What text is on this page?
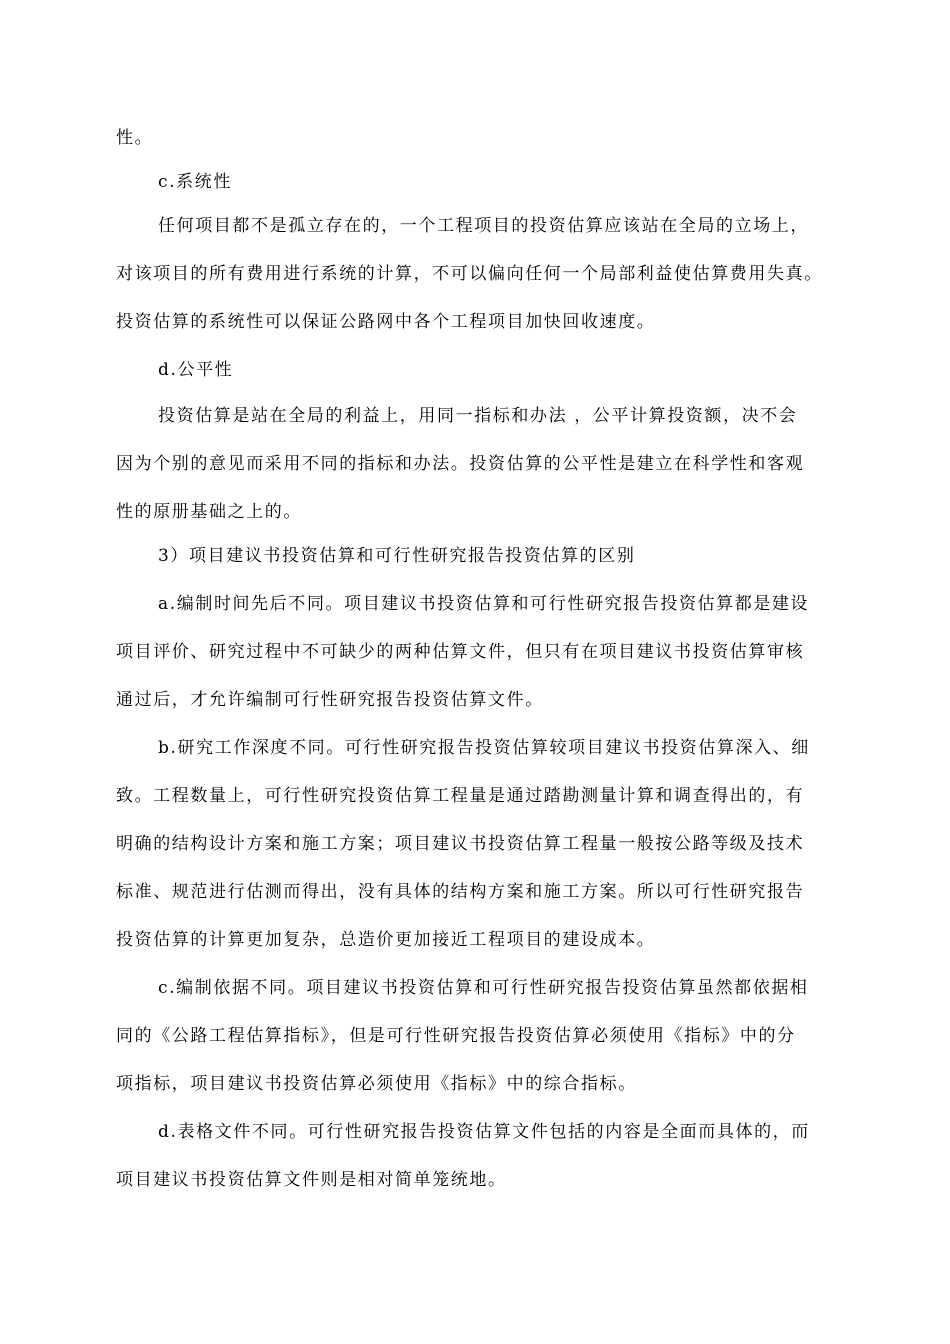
性。
c.系统性
任何项目都不是孤立存在的，一个工程项目的投资估算应该站在全局的立场上，
对该项目的所有费用进行系统的计算，不可以偏向任何一个局部利益使估算费用失真。
投资估算的系统性可以保证公路网中各个工程项目加快回收速度。
d.公平性
投资估算是站在全局的利益上，用同一指标和办法 ，公平计算投资额，决不会
因为个别的意见而采用不同的指标和办法。投资估算的公平性是建立在科学性和客观
性的原册基础之上的。
3）项目建议书投资估算和可行性研究报告投资估算的区别
a.编制时间先后不同。项目建议书投资估算和可行性研究报告投资估算都是建设
项目评价、研究过程中不可缺少的两种估算文件，但只有在项目建议书投资估算审核
通过后，才允许编制可行性研究报告投资估算文件。
b.研究工作深度不同。可行性研究报告投资估算较项目建议书投资估算深入、细
致。工程数量上，可行性研究投资估算工程量是通过踏勘测量计算和调查得出的，有
明确的结构设计方案和施工方案；项目建议书投资估算工程量一般按公路等级及技术
标准、规范进行估测而得出，没有具体的结构方案和施工方案。所以可行性研究报告
投资估算的计算更加复杂，总造价更加接近工程项目的建设成本。
c.编制依据不同。项目建议书投资估算和可行性研究报告投资估算虽然都依据相
同的《公路工程估算指标》，但是可行性研究报告投资估算必须使用《指标》中的分
项指标，项目建议书投资估算必须使用《指标》中的综合指标。
d.表格文件不同。可行性研究报告投资估算文件包括的内容是全面而具体的，而
项目建议书投资估算文件则是相对简单笼统地。
